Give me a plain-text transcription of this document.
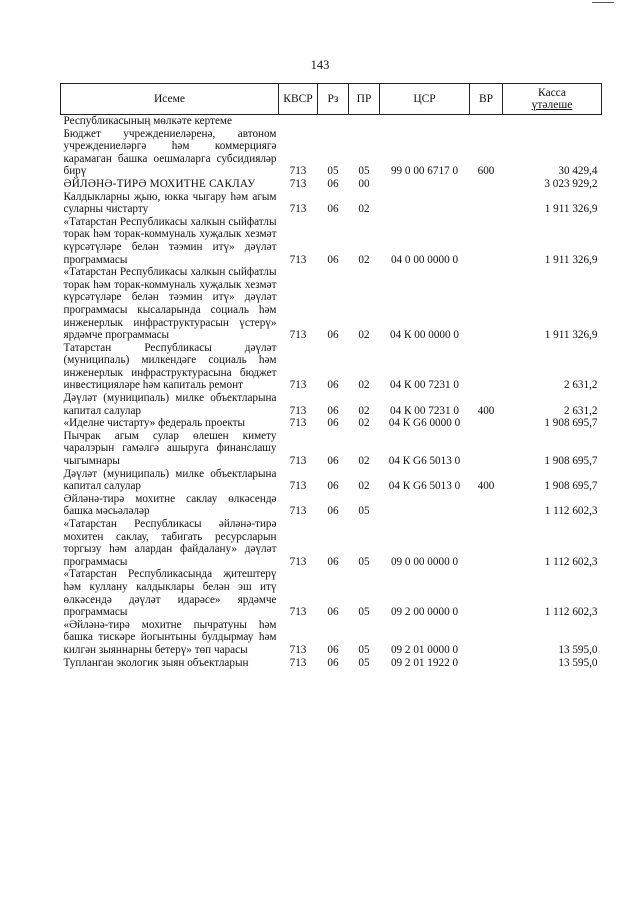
143
Исеме	КВСР	Рз	ПР	ЦСР	ВР	Касса
үтәлеше

Республикасының мөлкәте кертеме						
Бюджет учреждениеләренә, автоном учреждениеләргә һәм коммерциягә карамаган башка оешмаларга субсидияләр бирү	713	05	05	99 0 00 6717 0	600	30 429,4
ӘЙЛӘНӘ-ТИРӘ МОХИТНЕ САКЛАУ	713	06	00			3 023 929,2
Калдыкларны җыю, юкка чыгару һәм агым суларны чистарту	713	06	02			1 911 326,9
«Татарстан Республикасы халкын сыйфатлы торак һәм торак-коммуналь хуҗалык хезмәт күрсәтүләре белән тәэмин итү» дәүләт программасы	713	06	02	04 0 00 0000 0		1 911 326,9
«Татарстан Республикасы халкын сыйфатлы торак һәм торак-коммуналь хуҗалык хезмәт күрсәтүләре белән тәэмин итү» дәүләт программасы кысаларында социаль һәм инженерлык инфраструктурасын үстерү» ярдәмче программасы	713	06	02	04 К 00 0000 0		1 911 326,9
Татарстан Республикасы дәүләт (муниципаль) милкендәге социаль һәм инженерлык инфраструктурасына бюджет инвестицияләре һәм капиталь ремонт	713	06	02	04 К 00 7231 0		2 631,2
Дәүләт (муниципаль) милке объектларына капитал салулар	713	06	02	04 К 00 7231 0	400	2 631,2
«Иделне чистарту» федераль проекты	713	06	02	04 К G6 0000 0		1 908 695,7
Пычрак агым сулар өлешен кимету чаралэрын гамәлгә ашыруга финанслашу чыгымнары	713	06	02	04 К G6 5013 0		1 908 695,7
Дәүләт (муниципаль) милке объектларына капитал салулар	713	06	02	04 К G6 5013 0	400	1 908 695,7
Әйләнә-тирә мохитне саклау өлкәсендә башка мәсьәләләр	713	06	05			1 112 602,3
«Татарстан Республикасы әйләнә-тирә мохитен саклау, табигать ресурсларын торгызу һәм алардан файдалану» дәүләт программасы	713	06	05	09 0 00 0000 0		1 112 602,3
«Татарстан Республикасында җитештерү һәм куллану калдыклары белән эш итү өлкәсендә дәүләт идарәсе» ярдәмче программасы	713	06	05	09 2 00 0000 0		1 112 602,3
«Әйләнә-тирә мохитне пычратуны һәм башка тискәре йогынтыны булдырмау һәм килгән зыяннарны бетерү» төп чарасы	713	06	05	09 2 01 0000 0		13 595,0
Тупланган экологик зыян объектларын	713	06	05	09 2 01 1922 0		13 595,0
